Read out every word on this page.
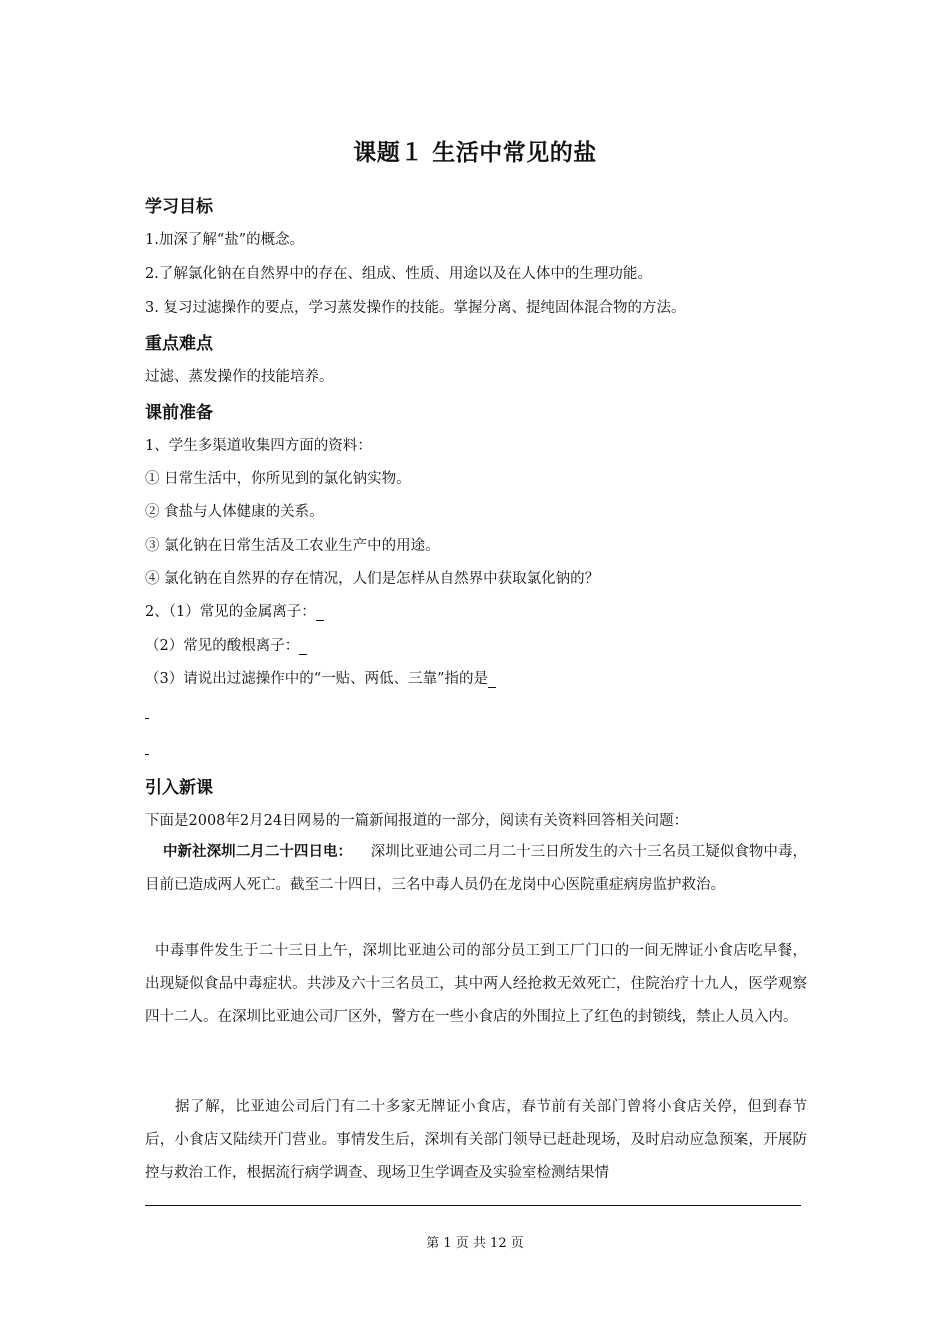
课题１ 生活中常见的盐
学习目标
1.加深了解“盐”的概念。
2.了解氯化钠在自然界中的存在、组成、性质、用途以及在人体中的生理功能。
3. 复习过滤操作的要点，学习蒸发操作的技能。掌握分离、提纯固体混合物的方法。
重点难点
过滤、蒸发操作的技能培养。
课前准备
1、学生多渠道收集四方面的资料：
① 日常生活中，你所见到的氯化钠实物。
② 食盐与人体健康的关系。
③ 氯化钠在日常生活及工农业生产中的用途。
④ 氯化钠在自然界的存在情况，人们是怎样从自然界中获取氯化钠的？
2、（1）常见的金属离子：
（2）常见的酸根离子：
（3）请说出过滤操作中的“一贴、两低、三靠”指的是
引入新课
下面是2008年2月24日网易的一篇新闻报道的一部分，阅读有关资料回答相关问题：
中新社深圳二月二十四日电： 深圳比亚迪公司二月二十三日所发生的六十三名员工疑似食物中毒，目前已造成两人死亡。截至二十四日，三名中毒人员仍在龙岗中心医院重症病房监护救治。
中毒事件发生于二十三日上午，深圳比亚迪公司的部分员工到工厂门口的一间无牌证小食店吃早餐，出现疑似食品中毒症状。共涉及六十三名员工，其中两人经抢救无效死亡，住院治疗十九人，医学观察四十二人。在深圳比亚迪公司厂区外，警方在一些小食店的外围拉上了红色的封锁线，禁止人员入内。
据了解，比亚迪公司后门有二十多家无牌证小食店，春节前有关部门曾将小食店关停，但到春节后，小食店又陆续开门营业。事情发生后，深圳有关部门领导已赶赴现场，及时启动应急预案，开展防控与救治工作，根据流行病学调查、现场卫生学调查及实验室检测结果情
第 1 页 共 12 页
